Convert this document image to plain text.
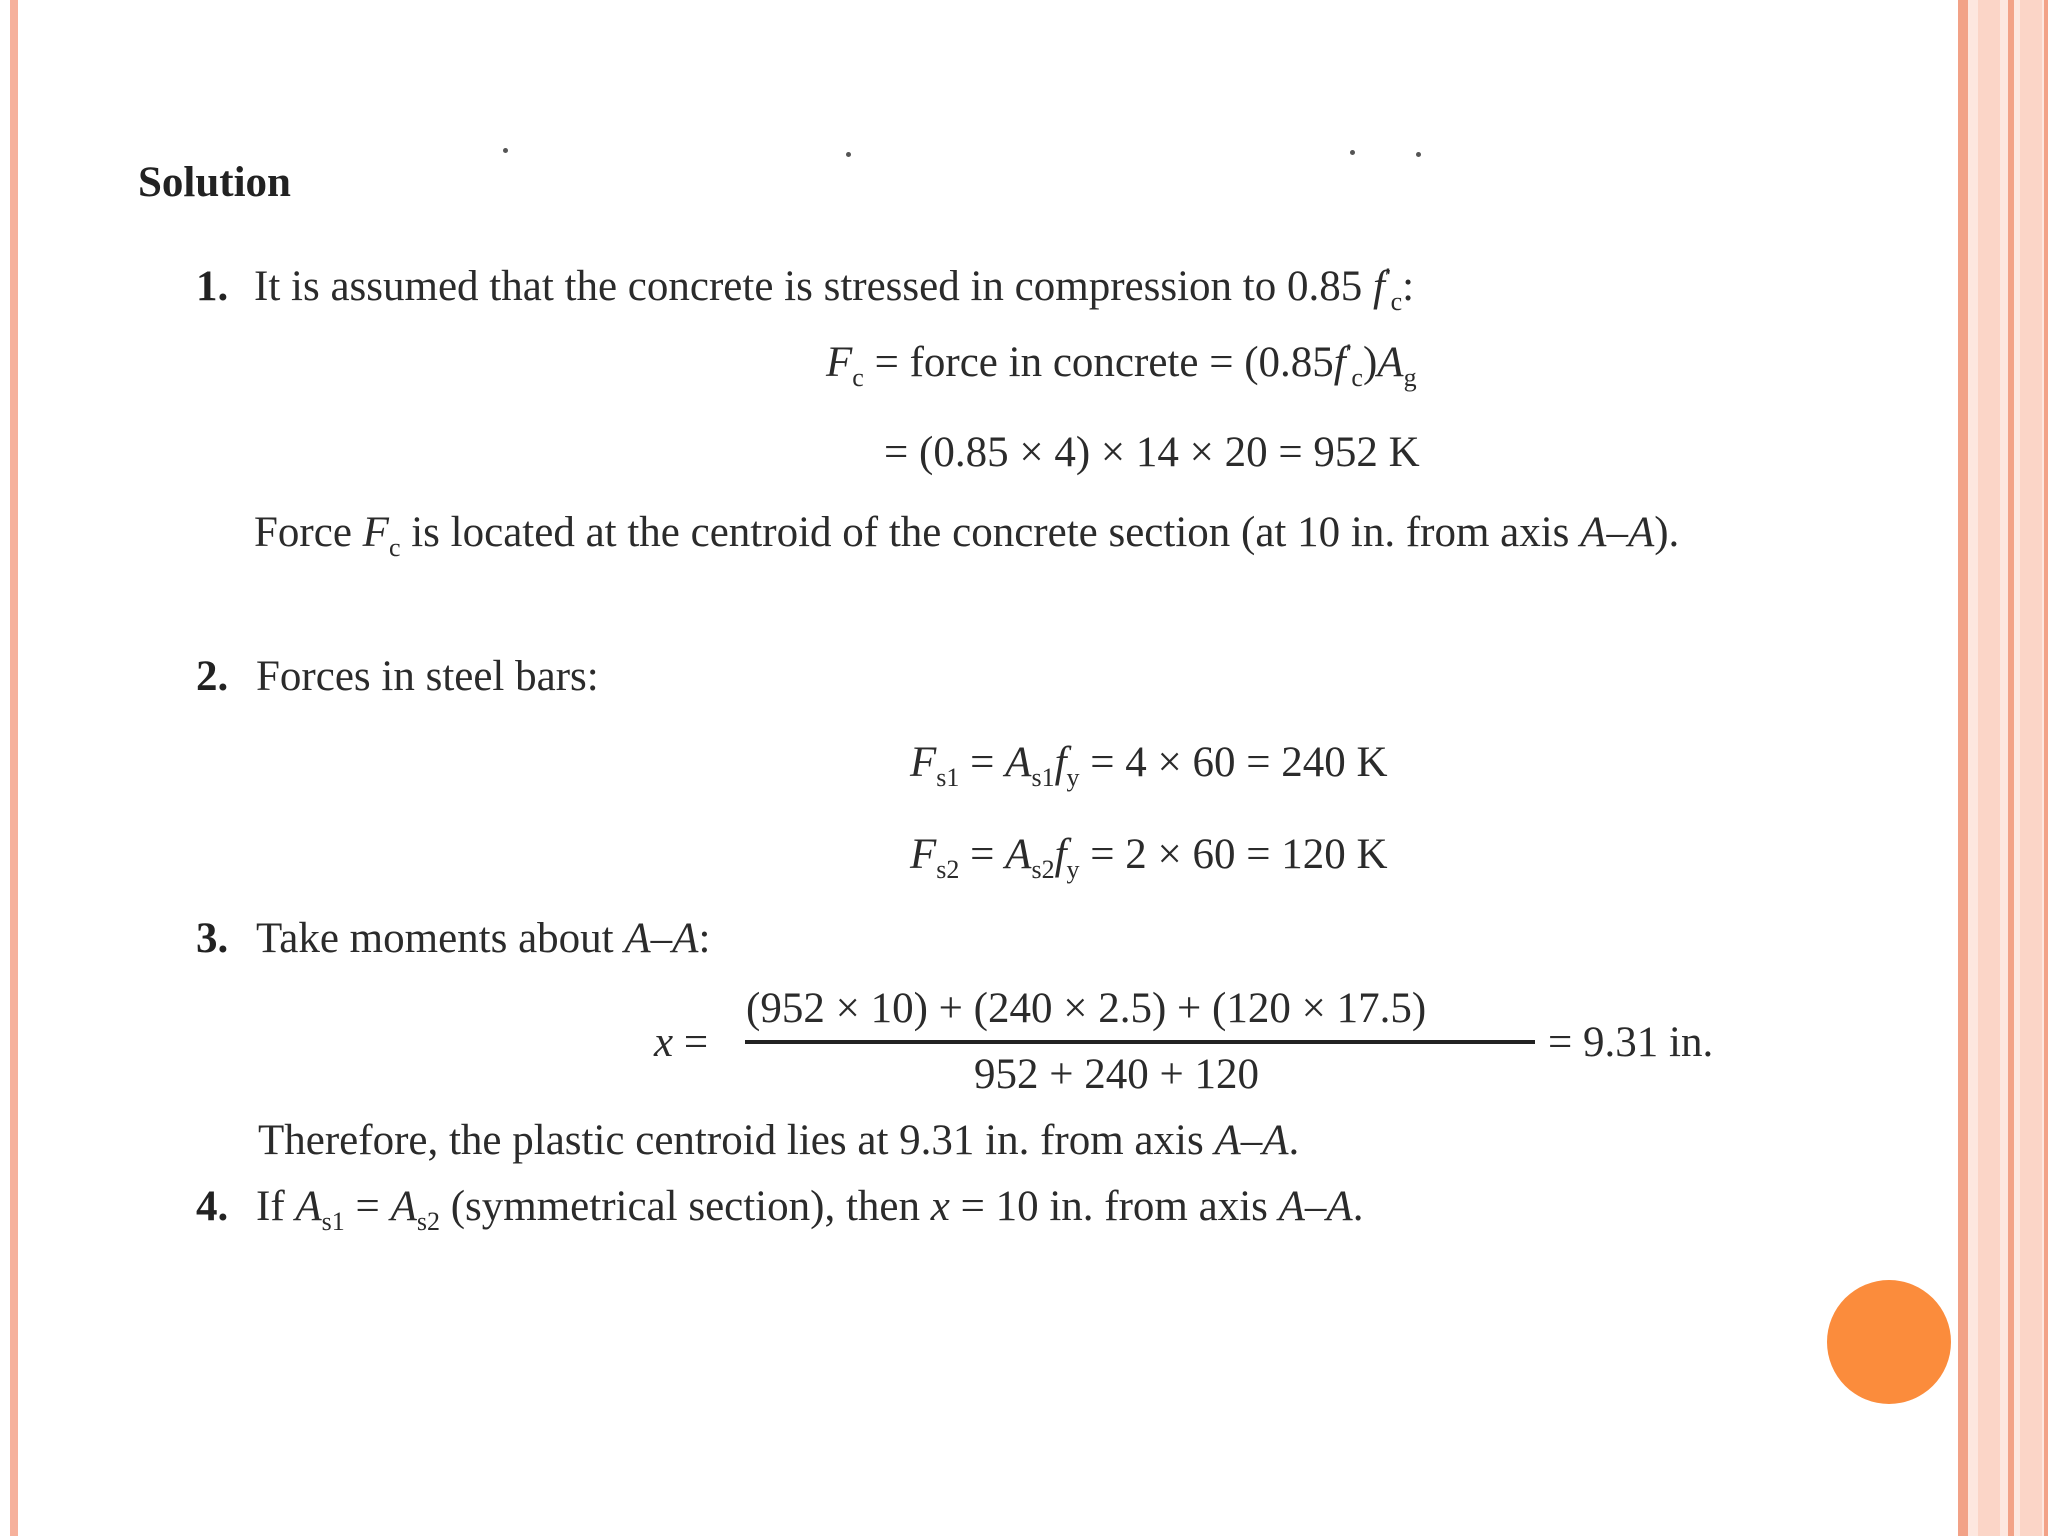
Solution
1. It is assumed that the concrete is stressed in compression to 0.85 $f'_c$:
$F_c$ = force in concrete = $(0.85f'_c)A_g$
= (0.85 × 4) × 14 × 20 = 952 K
Force $F_c$ is located at the centroid of the concrete section (at 10 in. from axis A–A).
2. Forces in steel bars:
$F_{s1} = A_{s1}f_y = 4 \times 60 = 240$ K
$F_{s2} = A_{s2}f_y = 2 \times 60 = 120$ K
3. Take moments about A–A:
x =
(952 × 10) + (240 × 2.5) + (120 × 17.5)
952 + 240 + 120
= 9.31 in.
Therefore, the plastic centroid lies at 9.31 in. from axis A–A.
4. If $A_{s1} = A_{s2}$ (symmetrical section), then x = 10 in. from axis A–A.
